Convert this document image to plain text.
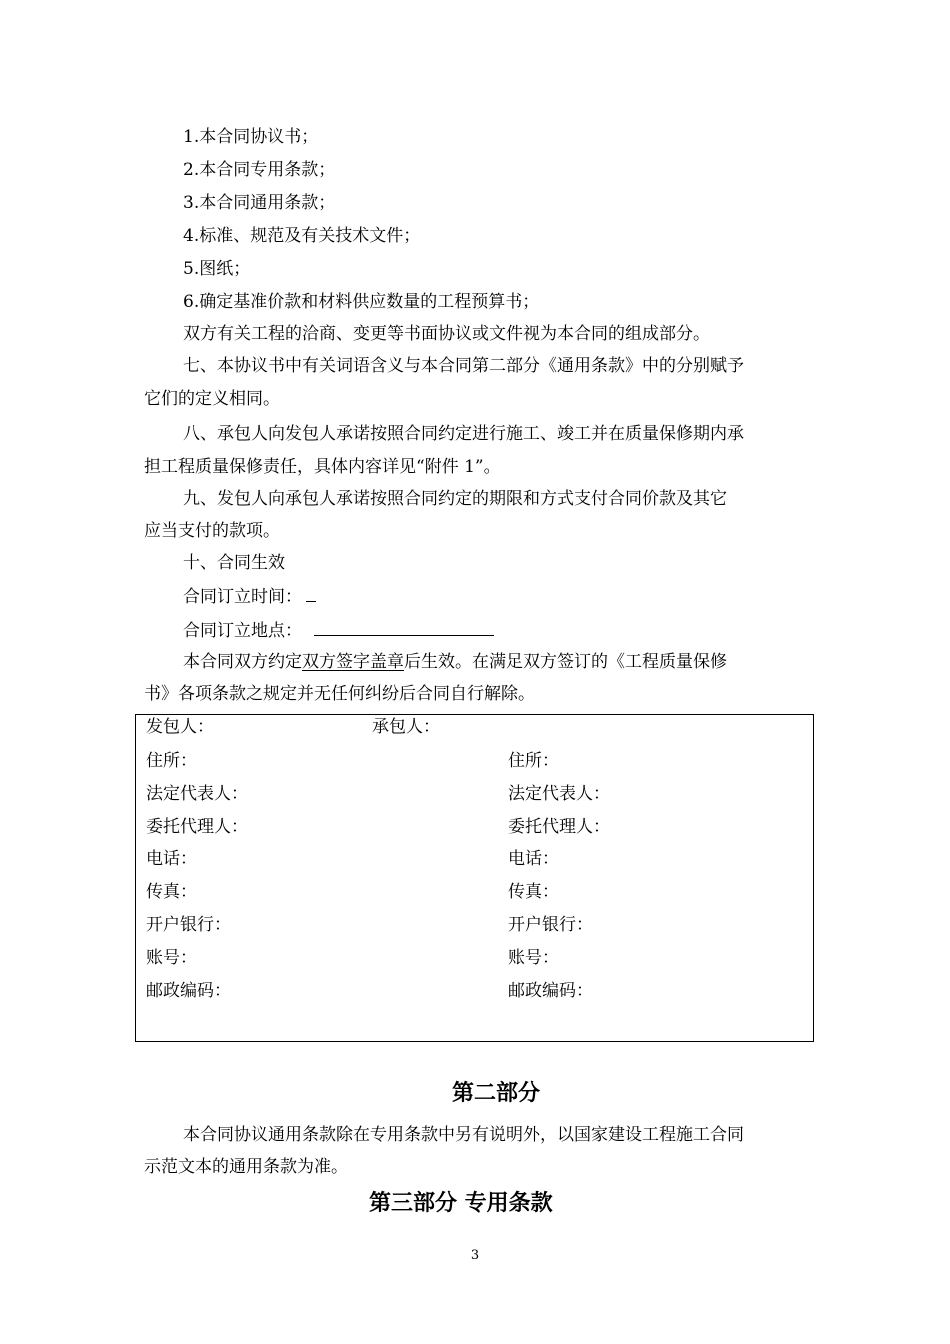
1.本合同协议书；
2.本合同专用条款；
3.本合同通用条款；
4.标准、规范及有关技术文件；
5.图纸；
6.确定基准价款和材料供应数量的工程预算书；
双方有关工程的洽商、变更等书面协议或文件视为本合同的组成部分。
七、本协议书中有关词语含义与本合同第二部分《通用条款》中的分别赋予
它们的定义相同。
八、承包人向发包人承诺按照合同约定进行施工、竣工并在质量保修期内承
担工程质量保修责任，具体内容详见“附件 1”。
九、发包人向承包人承诺按照合同约定的期限和方式支付合同价款及其它
应当支付的款项。
十、合同生效
合同订立时间：
合同订立地点：
本合同双方约定双方签字盖章后生效。在满足双方签订的《工程质量保修
书》各项条款之规定并无任何纠纷后合同自行解除。
发包人：	承包人：
住所：	住所：
法定代表人：	法定代表人：
委托代理人：	委托代理人：
电话：	电话：
传真：	传真：
开户银行：	开户银行：
账号：	账号：
邮政编码：	邮政编码：
第二部分
本合同协议通用条款除在专用条款中另有说明外，以国家建设工程施工合同
示范文本的通用条款为准。
第三部分 专用条款
3
